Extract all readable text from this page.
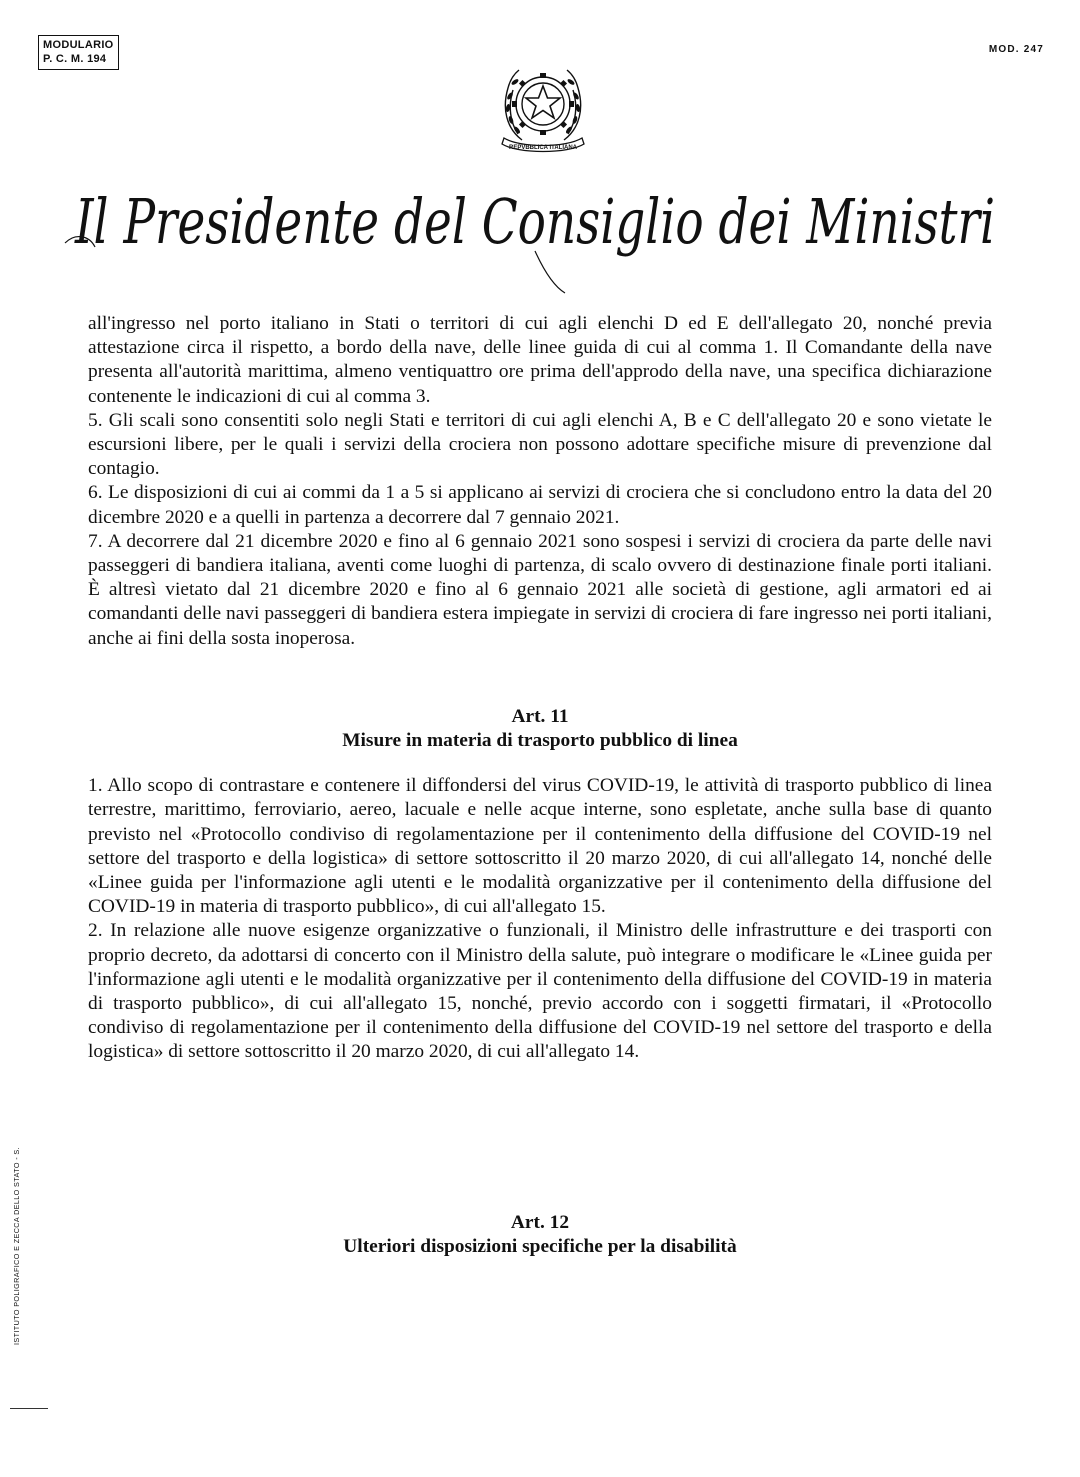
MODULARIO
P. C. M. 194
MOD. 247
REPVBBLICA ITALIANA
Il Presidente del Consiglio dei Ministri

all'ingresso nel porto italiano in Stati o territori di cui agli elenchi D ed E dell'allegato 20, nonché previa attestazione circa il rispetto, a bordo della nave, delle linee guida di cui al comma 1. Il Comandante della nave presenta all'autorità marittima, almeno ventiquattro ore prima dell'approdo della nave, una specifica dichiarazione contenente le indicazioni di cui al comma 3.

5. Gli scali sono consentiti solo negli Stati e territori di cui agli elenchi A, B e C dell'allegato 20 e sono vietate le escursioni libere, per le quali i servizi della crociera non possono adottare specifiche misure di prevenzione dal contagio.

6. Le disposizioni di cui ai commi da 1 a 5 si applicano ai servizi di crociera che si concludono entro la data del 20 dicembre 2020 e a quelli in partenza a decorrere dal 7 gennaio 2021.

7. A decorrere dal 21 dicembre 2020 e fino al 6 gennaio 2021 sono sospesi i servizi di crociera da parte delle navi passeggeri di bandiera italiana, aventi come luoghi di partenza, di scalo ovvero di destinazione finale porti italiani. È altresì vietato dal 21 dicembre 2020 e fino al 6 gennaio 2021 alle società di gestione, agli armatori ed ai comandanti delle navi passeggeri di bandiera estera impiegate in servizi di crociera di fare ingresso nei porti italiani, anche ai fini della sosta inoperosa.

Art. 11
Misure in materia di trasporto pubblico di linea

1. Allo scopo di contrastare e contenere il diffondersi del virus COVID-19, le attività di trasporto pubblico di linea terrestre, marittimo, ferroviario, aereo, lacuale e nelle acque interne, sono espletate, anche sulla base di quanto previsto nel «Protocollo condiviso di regolamentazione per il contenimento della diffusione del COVID-19 nel settore del trasporto e della logistica» di settore sottoscritto il 20 marzo 2020, di cui all'allegato 14, nonché delle «Linee guida per l'informazione agli utenti e le modalità organizzative per il contenimento della diffusione del COVID-19 in materia di trasporto pubblico», di cui all'allegato 15.

2. In relazione alle nuove esigenze organizzative o funzionali, il Ministro delle infrastrutture e dei trasporti con proprio decreto, da adottarsi di concerto con il Ministro della salute, può integrare o modificare le «Linee guida per l'informazione agli utenti e le modalità organizzative per il contenimento della diffusione del COVID-19 in materia di trasporto pubblico», di cui all'allegato 15, nonché, previo accordo con i soggetti firmatari, il «Protocollo condiviso di regolamentazione per il contenimento della diffusione del COVID-19 nel settore del trasporto e della logistica» di settore sottoscritto il 20 marzo 2020, di cui all'allegato 14.

Art. 12
Ulteriori disposizioni specifiche per la disabilità
ISTITUTO POLIGRAFICO E ZECCA DELLO STATO - S.
